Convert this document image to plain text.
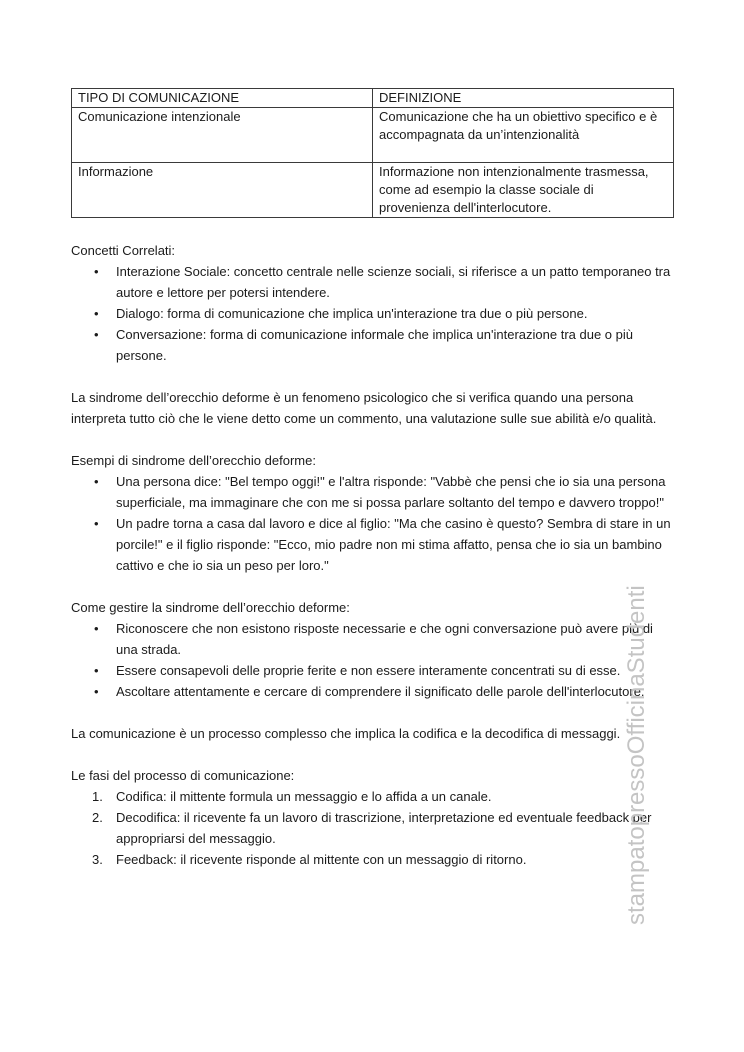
TIPO DI COMUNICAZIONE	DEFINIZIONE
Comunicazione intenzionale	Comunicazione che ha un obiettivo specifico e è accompagnata da un’intenzionalità
Informazione	Informazione non intenzionalmente trasmessa, come ad esempio la classe sociale di provenienza dell'interlocutore.

Concetti Correlati:

• Interazione Sociale: concetto centrale nelle scienze sociali, si riferisce a un patto temporaneo tra autore e lettore per potersi intendere.
• Dialogo: forma di comunicazione che implica un'interazione tra due o più persone.
• Conversazione: forma di comunicazione informale che implica un'interazione tra due o più persone.

La sindrome dell’orecchio deforme è un fenomeno psicologico che si verifica quando una persona interpreta tutto ciò che le viene detto come un commento, una valutazione sulle sue abilità e/o qualità.

Esempi di sindrome dell’orecchio deforme:

• Una persona dice: "Bel tempo oggi!" e l'altra risponde: "Vabbè che pensi che io sia una persona superficiale, ma immaginare che con me si possa parlare soltanto del tempo e davvero troppo!"
• Un padre torna a casa dal lavoro e dice al figlio: "Ma che casino è questo? Sembra di stare in un porcile!" e il figlio risponde: "Ecco, mio padre non mi stima affatto, pensa che io sia un bambino cattivo e che io sia un peso per loro."

Come gestire la sindrome dell’orecchio deforme:

• Riconoscere che non esistono risposte necessarie e che ogni conversazione può avere più di una strada.
• Essere consapevoli delle proprie ferite e non essere interamente concentrati su di esse.
• Ascoltare attentamente e cercare di comprendere il significato delle parole dell'interlocutore.

La comunicazione è un processo complesso che implica la codifica e la decodifica di messaggi.

Le fasi del processo di comunicazione:

1. Codifica: il mittente formula un messaggio e lo affida a un canale.
2. Decodifica: il ricevente fa un lavoro di trascrizione, interpretazione ed eventuale feedback per appropriarsi del messaggio.
3. Feedback: il ricevente risponde al mittente con un messaggio di ritorno.	stampatopressoOfficinaStudenti
